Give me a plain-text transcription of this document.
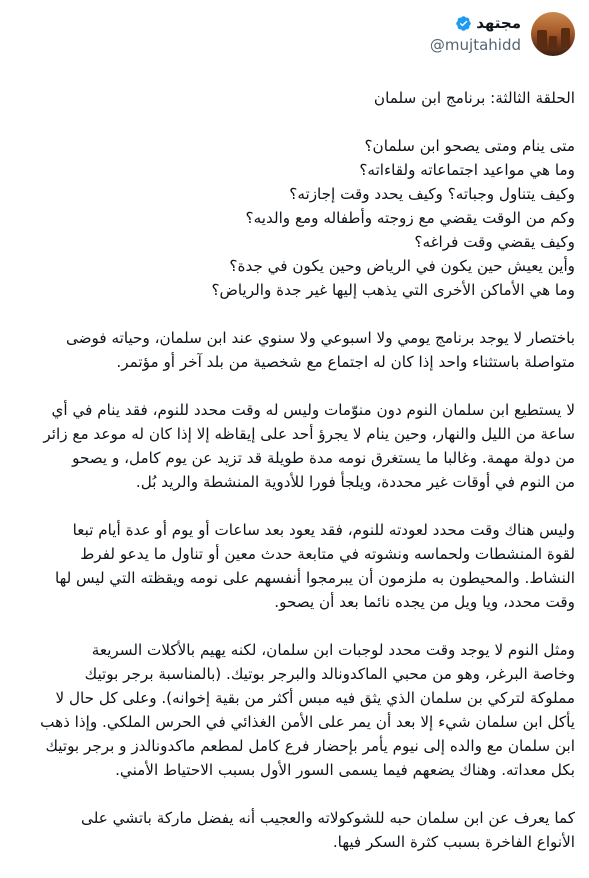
مجتهد
@mujtahidd

الحلقة الثالثة: برنامج ابن سلمان

متى ينام ومتى يصحو ابن سلمان؟
وما هي مواعيد اجتماعاته ولقاءاته؟
وكيف يتناول وجباته؟ وكيف يحدد وقت إجازته؟
وكم من الوقت يقضي مع زوجته وأطفاله ومع والديه؟
وكيف يقضي وقت فراغه؟
وأين يعيش حين يكون في الرياض وحين يكون في جدة؟
وما هي الأماكن الأخرى التي يذهب إليها غير جدة والرياض؟

باختصار لا يوجد برنامج يومي ولا اسبوعي ولا سنوي عند ابن سلمان، وحياته فوضى
متواصلة باستثناء واحد إذا كان له اجتماع مع شخصية من بلد آخر أو مؤتمر.

لا يستطيع ابن سلمان النوم دون منوّمات وليس له وقت محدد للنوم، فقد ينام في أي
ساعة من الليل والنهار، وحين ينام لا يجرؤ أحد على إيقاظه إلا إذا كان له موعد مع زائر
من دولة مهمة. وغالبا ما يستغرق نومه مدة طويلة قد تزيد عن يوم كامل، و يصحو
من النوم في أوقات غير محددة، ويلجأ فورا للأدوية المنشطة والريد بُل.

وليس هناك وقت محدد لعودته للنوم، فقد يعود بعد ساعات أو يوم أو عدة أيام تبعا
لقوة المنشطات ولحماسه ونشوته في متابعة حدث معين أو تناول ما يدعو لفرط
النشاط. والمحيطون به ملزمون أن يبرمجوا أنفسهم على نومه ويقظته التي ليس لها
وقت محدد، ويا ويل من يجده نائما بعد أن يصحو.

ومثل النوم لا يوجد وقت محدد لوجبات ابن سلمان، لكنه يهيم بالأكلات السريعة
وخاصة البرغر، وهو من محبي الماكدونالد والبرجر بوتيك. (بالمناسبة برجر بوتيك
مملوكة لتركي بن سلمان الذي يثق فيه مبس أكثر من بقية إخوانه). وعلى كل حال لا
يأكل ابن سلمان شيء إلا بعد أن يمر على الأمن الغذائي في الحرس الملكي. وإذا ذهب
ابن سلمان مع والده إلى نيوم يأمر بإحضار فرع كامل لمطعم ماكدونالدز و برجر بوتيك
بكل معداته. وهناك يضعهم فيما يسمى السور الأول بسبب الاحتياط الأمني.

كما يعرف عن ابن سلمان حبه للشوكولاته والعجيب أنه يفضل ماركة باتشي على
الأنواع الفاخرة بسبب كثرة السكر فيها.
